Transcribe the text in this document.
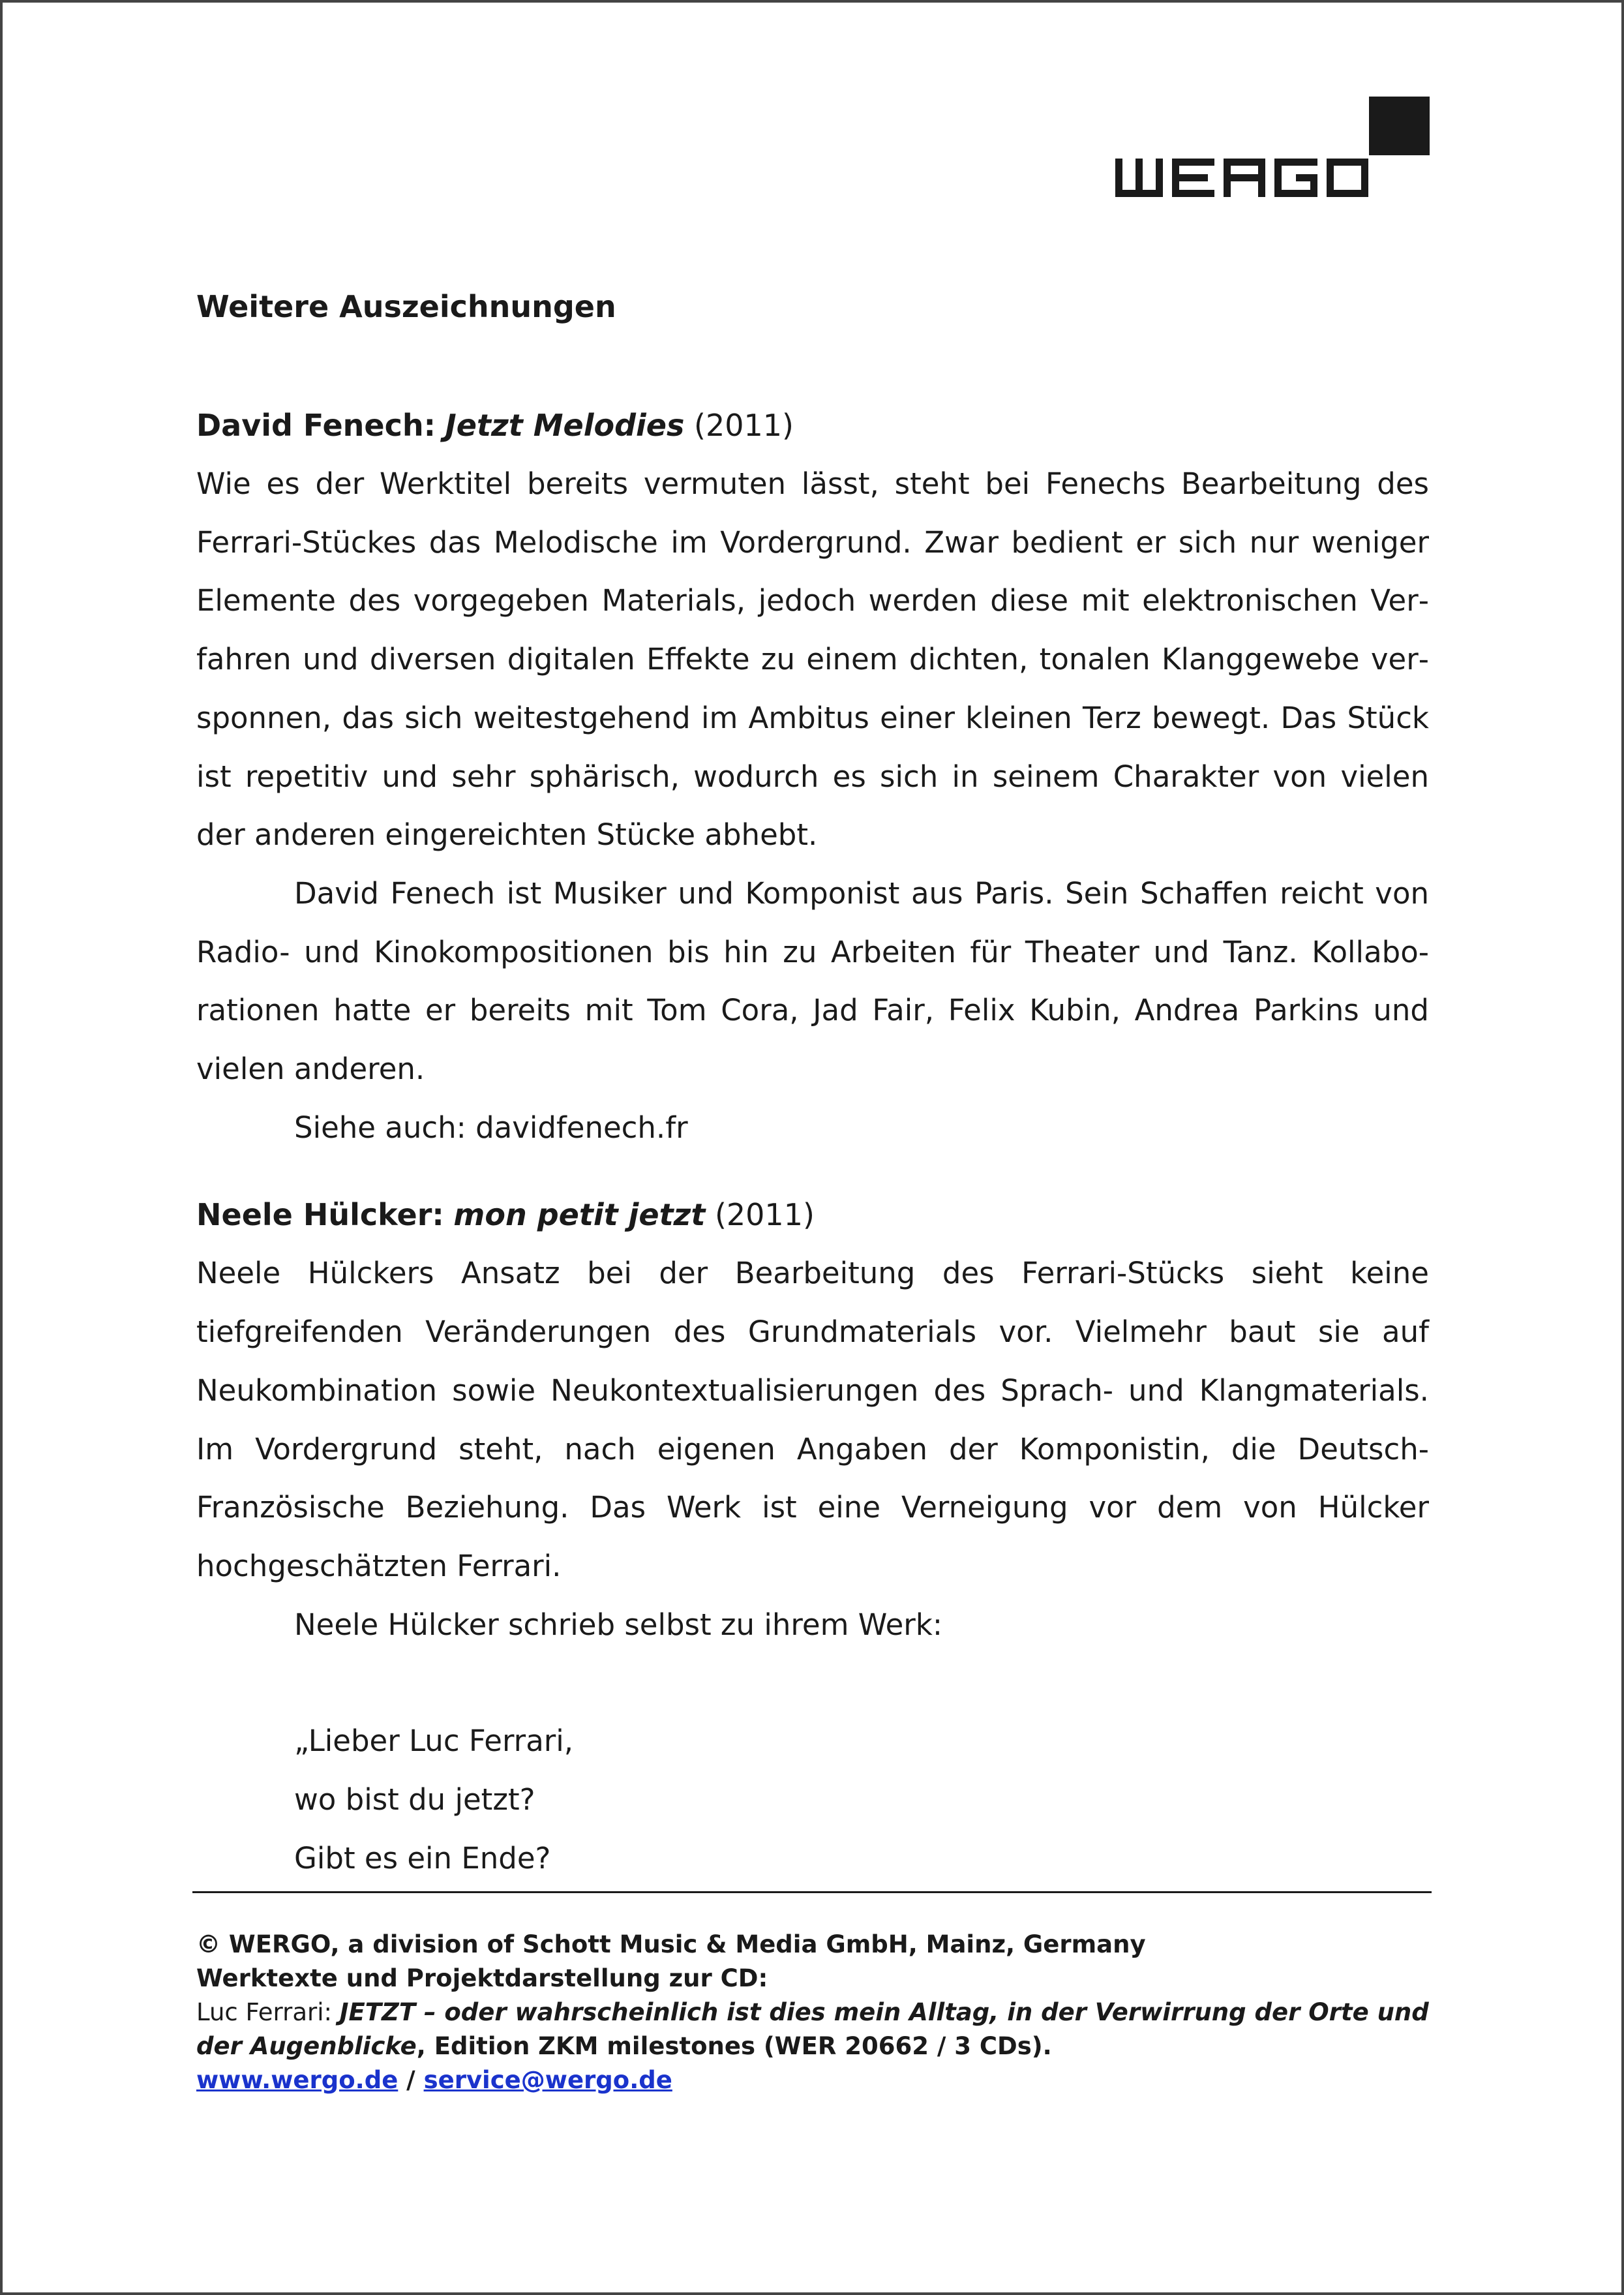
Weitere Auszeichnungen

David Fenech: Jetzt Melodies (2011)

Wie es der Werktitel bereits vermuten lässt, steht bei Fenechs Bearbeitung des Ferrari-Stückes das Melodische im Vordergrund. Zwar bedient er sich nur weniger Elemente des vorgegeben Materials, jedoch werden diese mit elektronischen Verfahren und diversen digitalen Effekte zu einem dichten, tonalen Klanggewebe versponnen, das sich weitestgehend im Ambitus einer kleinen Terz bewegt. Das Stück ist repetitiv und sehr sphärisch, wodurch es sich in seinem Charakter von vielen der anderen eingereichten Stücke abhebt.

David Fenech ist Musiker und Komponist aus Paris. Sein Schaffen reicht von Radio- und Kinokompositionen bis hin zu Arbeiten für Theater und Tanz. Kollaborationen hatte er bereits mit Tom Cora, Jad Fair, Felix Kubin, Andrea Parkins und vielen anderen.

Siehe auch: davidfenech.fr

Neele Hülcker: mon petit jetzt (2011)

Neele Hülckers Ansatz bei der Bearbeitung des Ferrari-Stücks sieht keine tiefgreifenden Veränderungen des Grundmaterials vor. Vielmehr baut sie auf Neukombination sowie Neukontextualisierungen des Sprach- und Klangmaterials. Im Vordergrund steht, nach eigenen Angaben der Komponistin, die Deutsch-Französische Beziehung. Das Werk ist eine Verneigung vor dem von Hülcker hochgeschätzten Ferrari.

Neele Hülcker schrieb selbst zu ihrem Werk:

„Lieber Luc Ferrari,

wo bist du jetzt?

Gibt es ein Ende?

© WERGO, a division of Schott Music & Media GmbH, Mainz, Germany

Werktexte und Projektdarstellung zur CD:

Luc Ferrari: JETZT – oder wahrscheinlich ist dies mein Alltag, in der Verwirrung der Orte und der Augenblicke, Edition ZKM milestones (WER 20662 / 3 CDs).

www.wergo.de / service@wergo.de
